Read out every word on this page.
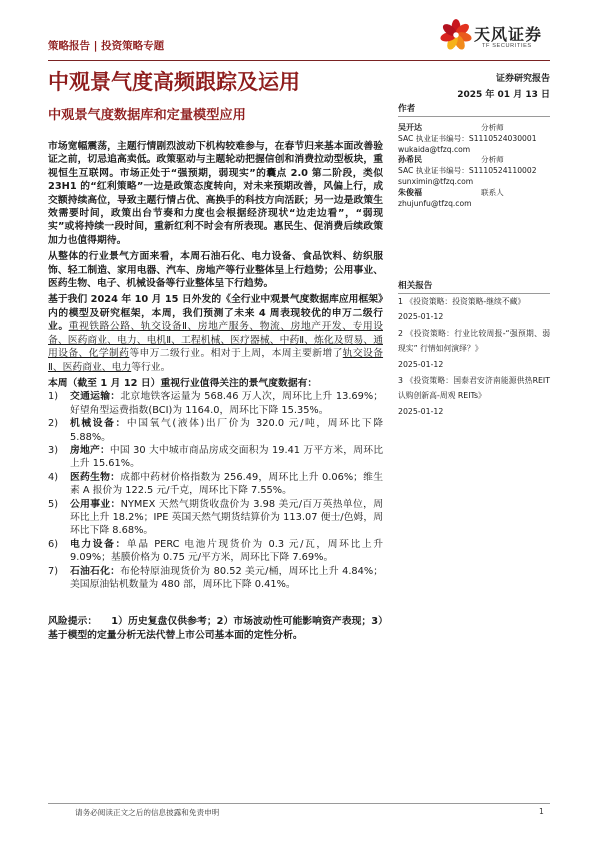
策略报告 | 投资策略专题
天风证券
TF SECURITIES
中观景气度高频跟踪及运用	证券研究报告
2025 年 01 月 13 日
中观景气度数据库和定量模型应用

市场宽幅震荡，主题行情剧烈波动下机构较难参与，在春节归来基本面改善验证之前，切忌追高卖低。政策驱动与主题轮动把握信创和消费拉动型板块，重视恒生互联网。市场正处于“强预期，弱现实”的囊点 2.0 第二阶段，类似 23H1 的“红利策略”一边是政策态度转向，对未来预期改善，风偏上行，成交额持续高位，导致主题行情占优、高换手的科技方向活跃；另一边是政策生效需要时间，政策出台节奏和力度也会根据经济现状“边走边看”，“弱现实”或将持续一段时间，重新红利不时会有所表现。惠民生、促消费后续政策加力也值得期待。

从整体的行业景气方面来看，本周石油石化、电力设备、食品饮料、纺织服饰、轻工制造、家用电器、汽车、房地产等行业整体呈上行趋势；公用事业、医药生物、电子、机械设备等行业整体呈下行趋势。

基于我们 2024 年 10 月 15 日外发的《全行业中观景气度数据库应用框架》内的模型及研究框架，本周，我们预测了未来 4 周表现较优的申万二级行业。重视铁路公路、轨交设备Ⅱ、房地产服务、物流、房地产开发、专用设备、医药商业、电力、电机Ⅱ、工程机械、医疗器械、中药Ⅱ、炼化及贸易、通用设备、化学制药等申万二级行业。相对于上周，本周主要新增了轨交设备Ⅱ、医药商业、电力等行业。

本周（截至 1 月 12 日）重视行业值得关注的景气度数据有：
1)	交通运输：北京地铁客运量为 568.46 万人次，周环比上升 13.69%；好望角型运费指数(BCI)为 1164.0，周环比下降 15.35%。
2)	机械设备：中国氧气(液体)出厂价为 320.0 元/吨，周环比下降 5.88%。
3)	房地产：中国 30 大中城市商品房成交面积为 19.41 万平方米，周环比上升 15.61%。
4)	医药生物：成都中药材价格指数为 256.49，周环比上升 0.06%；维生素 A 报价为 122.5 元/千克，周环比下降 7.55%。
5)	公用事业：NYMEX 天然气期货收盘价为 3.98 美元/百万英热单位，周环比上升 18.2%；IPE 英国天然气期货结算价为 113.07 便士/色姆，周环比下降 8.68%。
6)	电力设备：单晶 PERC 电池片现货价为 0.3 元/瓦，周环比上升 9.09%；基膜价格为 0.75 元/平方米，周环比下降 7.69%。
7)	石油石化：布伦特原油现货价为 80.52 美元/桶，周环比上升 4.84%；美国原油钻机数量为 480 部，周环比下降 0.41%。
风险提示： 1）历史复盘仅供参考；2）市场波动性可能影响资产表现；3）基于模型的定量分析无法代替上市公司基本面的定性分析。
作者
吴开达	分析师
SAC 执业证书编号：S1110524030001
wukaida@tfzq.com
孙希民	分析师
SAC 执业证书编号：S1110524110002
sunximin@tfzq.com
朱俊福	联系人
zhujunfu@tfzq.com
相关报告
1 《投资策略：投资策略-继续不藏》
2025-01-12
2 《投资策略：行业比较周报-“强预期、弱现实” 行情如何演绎？》
2025-01-12
3 《投资策略：国泰君安济南能源供热REIT 认购创新高-周观 REITs》
2025-01-12
请务必阅读正文之后的信息披露和免责申明	1
